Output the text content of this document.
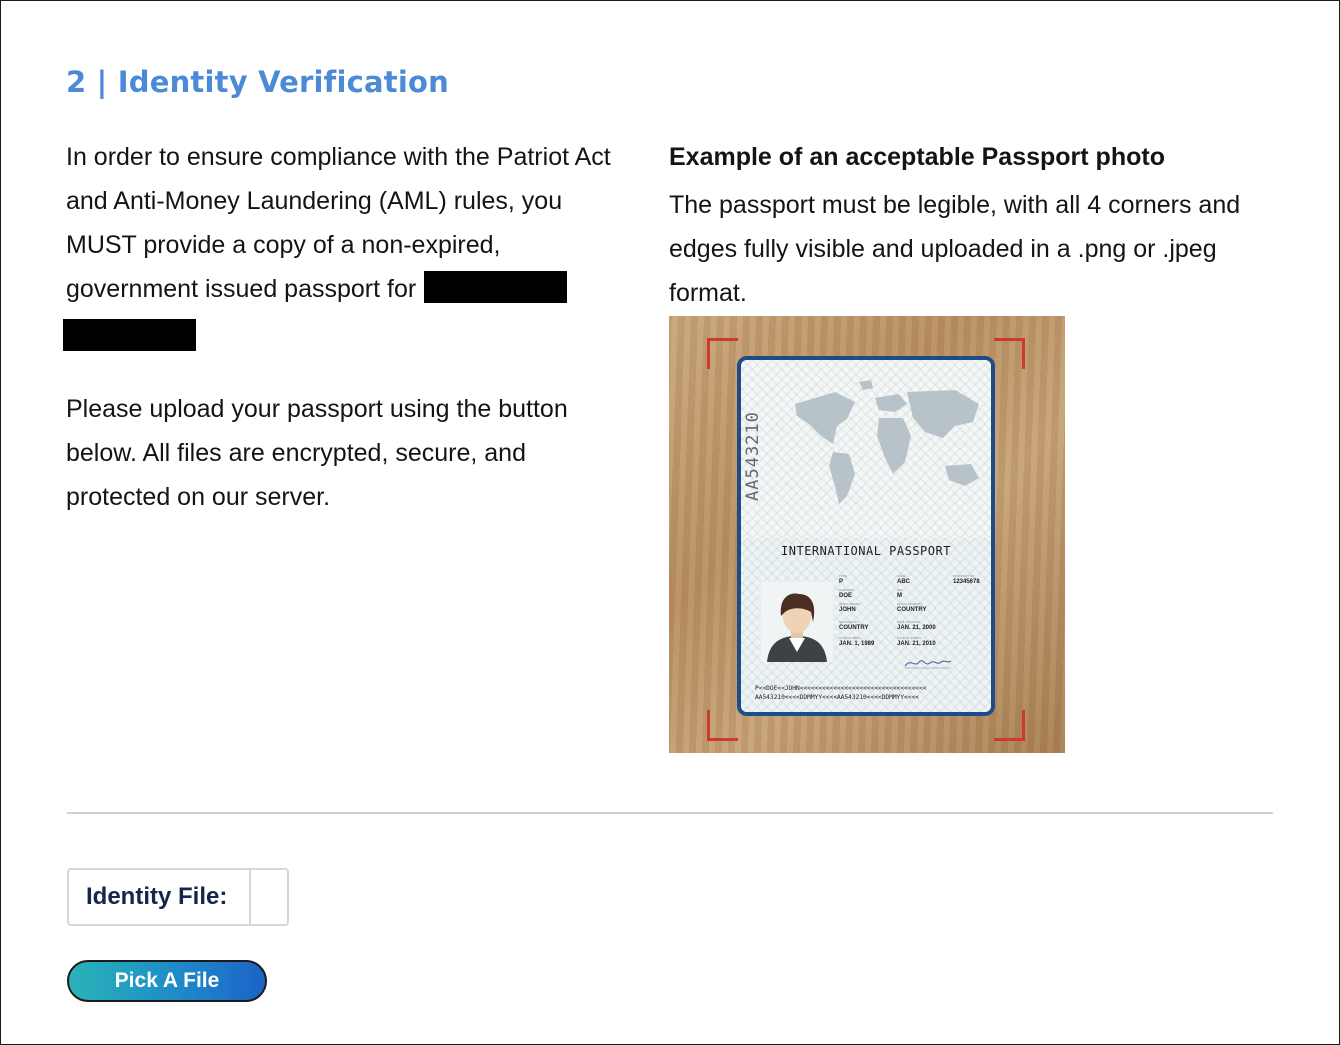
2 | Identity Verification

In order to ensure compliance with the Patriot Act and Anti-Money Laundering (AML) rules, you MUST provide a copy of a non-expired, government issued passport for

Please upload your passport using the button below. All files are encrypted, secure, and protected on our server.

Example of an acceptable Passport photo

The passport must be legible, with all 4 corners and edges fully visible and uploaded in a .png or .jpeg format.

AA543210
INTERNATIONAL PASSPORT
TYPE
P
CODE
ABC
PASSPORT NO.
12345678
SURNAME
DOE
SEX
M
GIVEN NAMES
JOHN
PLACE OF BIRTH
COUNTRY
NATIONALITY
COUNTRY
DATE OF ISSUE
JAN. 21, 2000
DATE OF BIRTH
JAN. 1, 1989
DATE OF EXPIRY
JAN. 21, 2010
P<<DOE<<JOHN<<<<<<<<<<<<<<<<<<<<<<<<<<<<<<<<<<
AA543210<<<<DDMMYY<<<<AA543210<<<<DDMMYY<<<<
Identity File:
Pick A File
